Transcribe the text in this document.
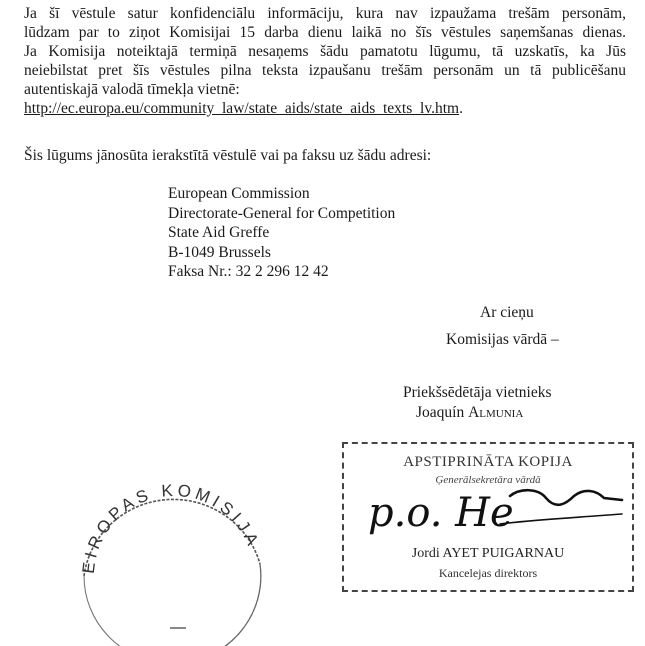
Ja šī vēstule satur konfidenciālu informāciju, kura nav izpaužama trešām personām,
lūdzam par to ziņot Komisijai 15 darba dienu laikā no šīs vēstules saņemšanas dienas.
Ja Komisija noteiktajā termiņā nesaņems šādu pamatotu lūgumu, tā uzskatīs, ka Jūs
neiebilstat pret šīs vēstules pilna teksta izpaušanu trešām personām un tā publicēšanu
autentiskajā valodā tīmekļa vietnē:
http://ec.europa.eu/community_law/state_aids/state_aids_texts_lv.htm.
Šis lūgums jānosūta ierakstītā vēstulē vai pa faksu uz šādu adresi:
European Commission
Directorate-General for Competition
State Aid Greffe
B-1049 Brussels
Faksa Nr.: 32 2 296 12 42
Ar cieņu
Komisijas vārdā –
Priekšsēdētāja vietnieks
Joaquín Almunia
EIROPAS KOMISIJA
APSTIPRINĀTA KOPIJA
Ģenerālsekretāra vārdā
Jordi AYET PUIGARNAU
Kancelejas direktors
p.o. He
